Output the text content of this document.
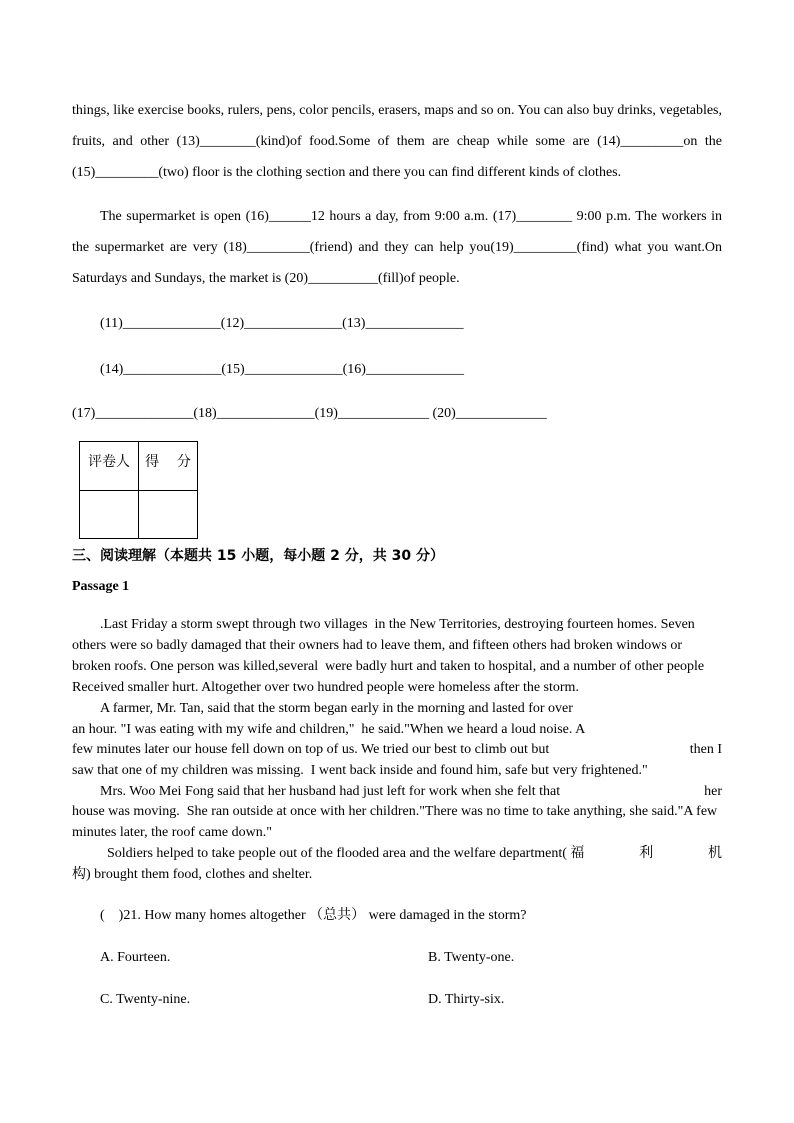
things, like exercise books, rulers, pens, color pencils, erasers, maps and so on. You can also buy drinks, vegetables,
fruits, and other (13)________(kind)of food.Some of them are cheap while some are (14)_________on the
(15)_________(two) floor is the clothing section and there you can find different kinds of clothes.
The supermarket is open (16)______12 hours a day, from 9:00 a.m. (17)________ 9:00 p.m. The workers in
the supermarket are very (18)_________(friend) and they can help you(19)_________(find) what you want.On
Saturdays and Sundays, the market is (20)__________(fill)of people.
(11)______________(12)______________(13)______________
(14)______________(15)______________(16)______________
(17)______________(18)______________(19)_____________ (20)_____________
评卷人	得    分

三、阅读理解（本题共 15 小题，每小题 2 分，共 30 分）
Passage 1
.Last Friday a storm swept through two villages  in the New Territories, destroying fourteen homes. Seven
others were so badly damaged that their owners had to leave them, and fifteen others had broken windows or
broken roofs. One person was killed,several  were badly hurt and taken to hospital, and a number of other people
Received smaller hurt. Altogether over two hundred people were homeless after the storm.
A farmer, Mr. Tan, said that the storm began early in the morning and lasted for over
an hour. "I was eating with my wife and children,"  he said."When we heard a loud noise. A
few minutes later our house fell down on top of us. We tried our best to climb out but	then I
saw that one of my children was missing.  I went back inside and found him, safe but very frightened."
Mrs. Woo Mei Fong said that her husband had just left for work when she felt that	her
house was moving.  She ran outside at once with her children."There was no time to take anything, she said."A few
minutes later, the roof came down."
Soldiers helped to take people out of the flooded area and the welfare department( 福	利	机
构) brought them food, clothes and shelter.
(    )21. How many homes altogether （总共） were damaged in the storm?
A. Fourteen.	B. Twenty-one.
C. Twenty-nine.	D. Thirty-six.
